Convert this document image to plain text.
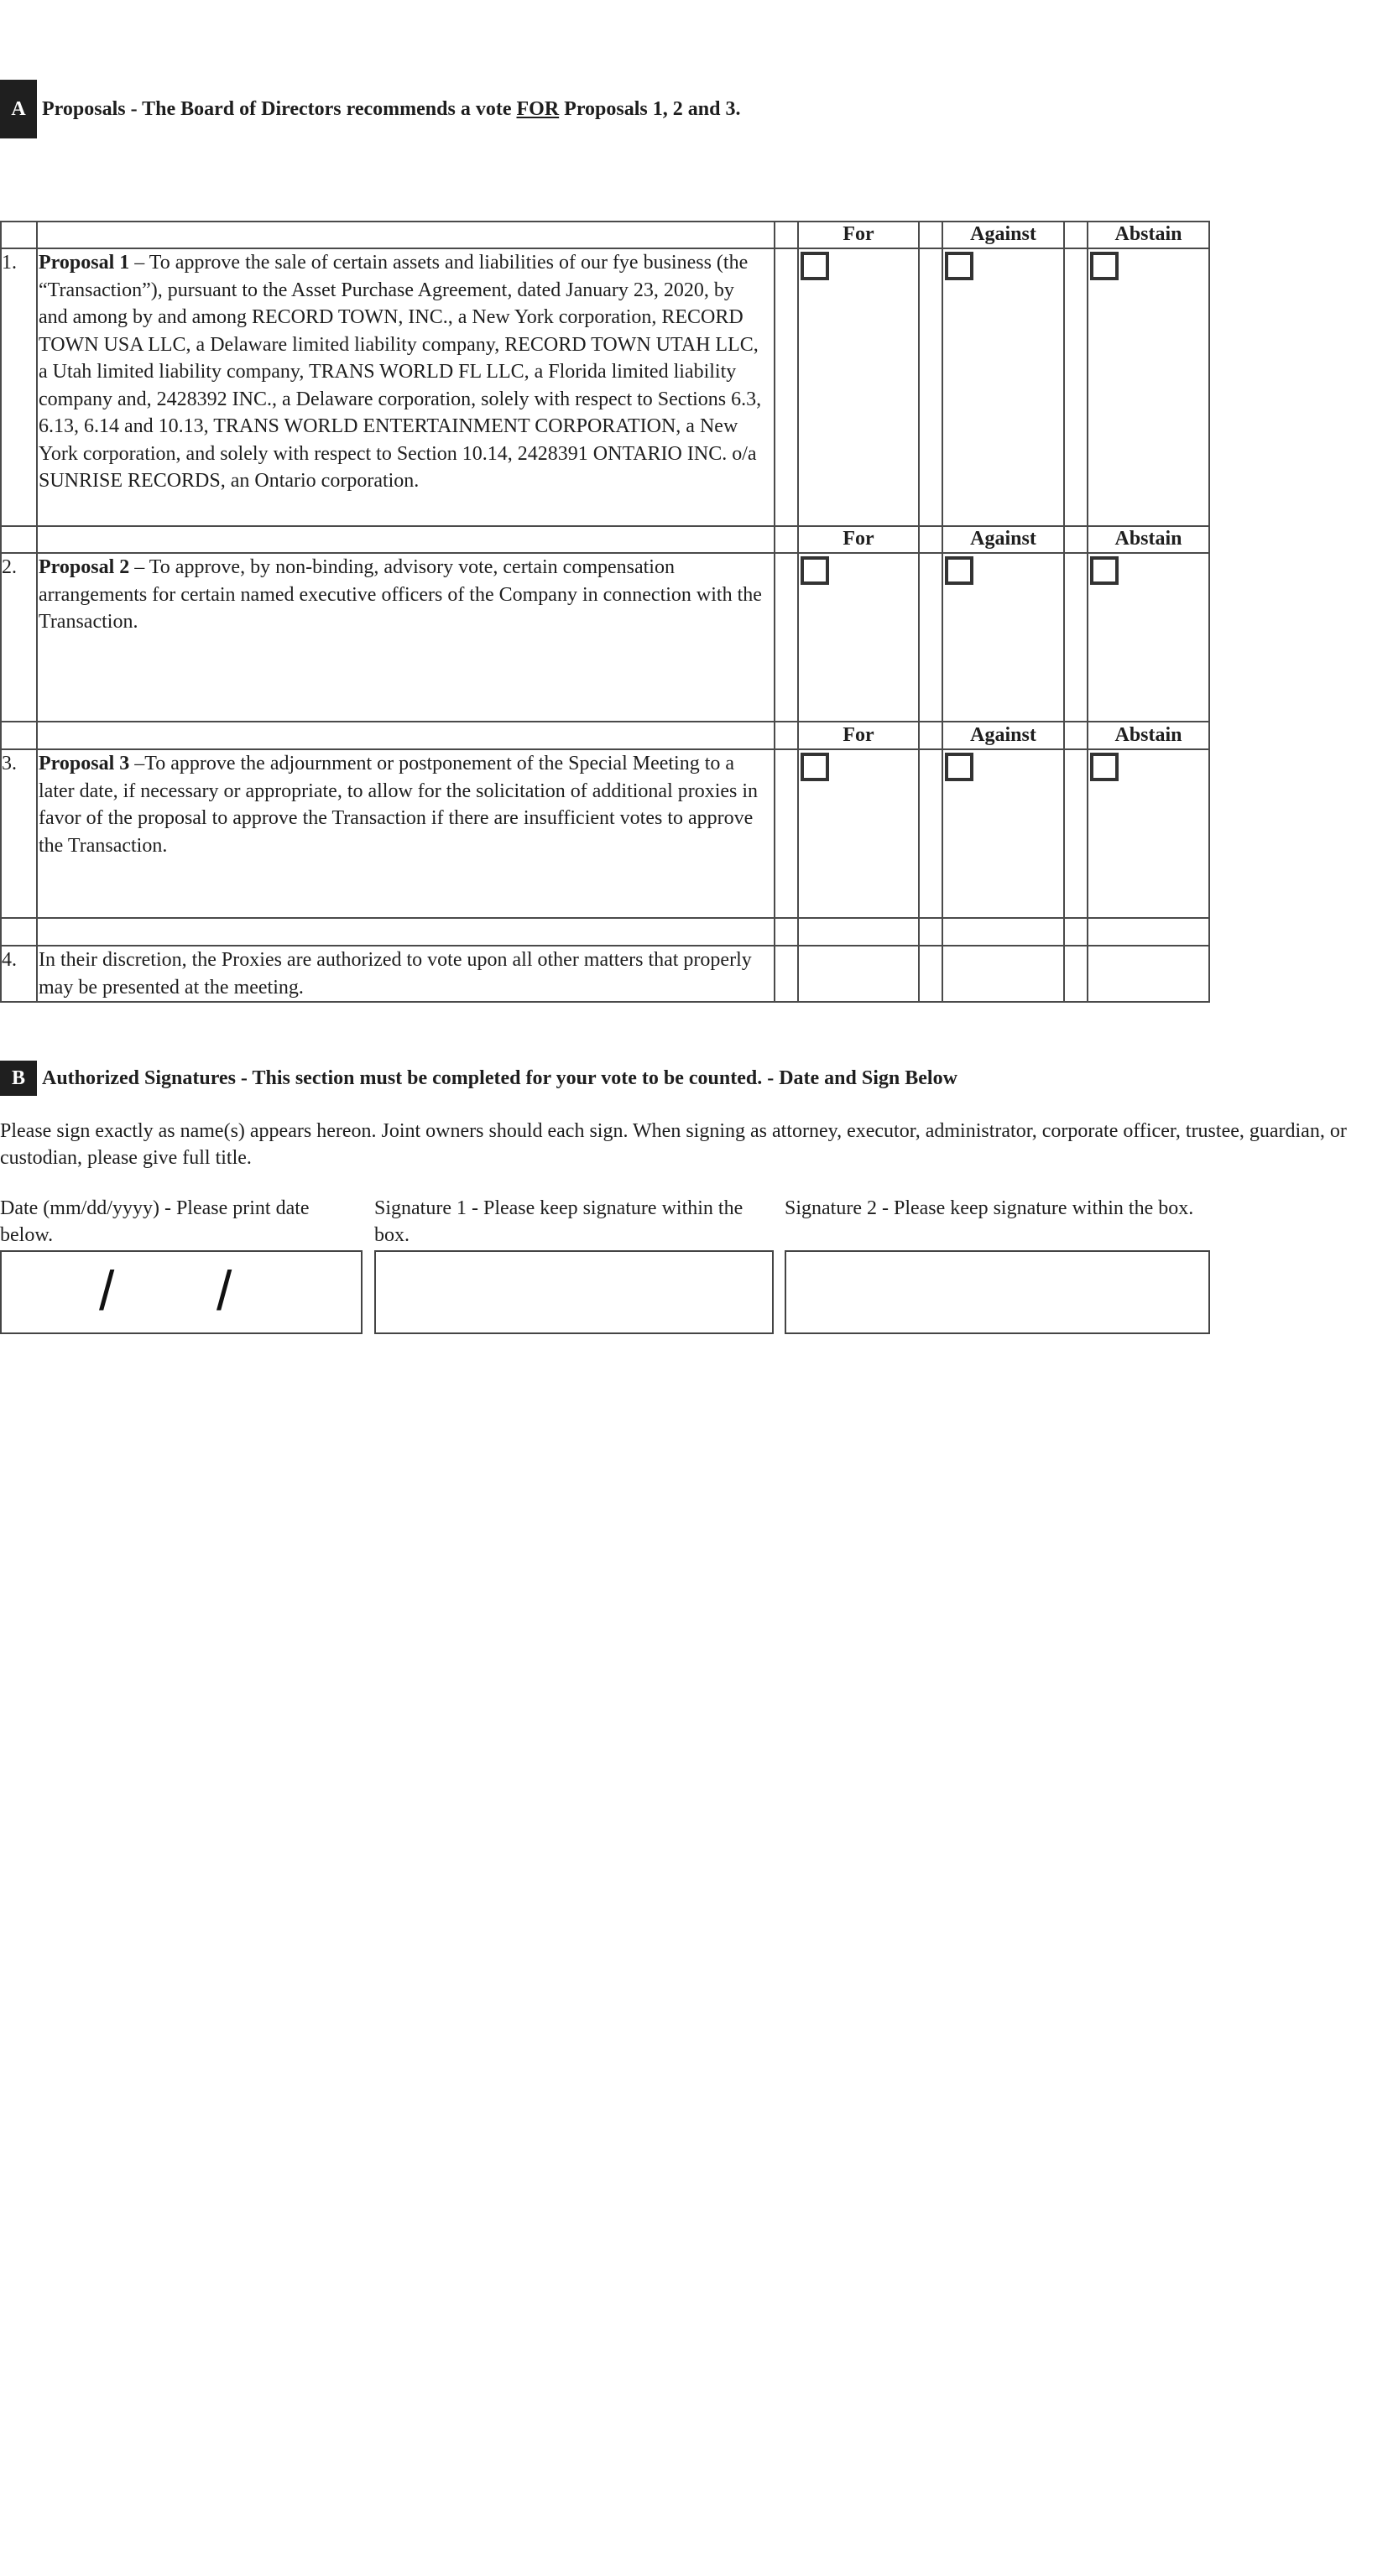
A Proposals - The Board of Directors recommends a vote FOR Proposals 1, 2 and 3.
For	Against	Abstain
1. Proposal 1 – To approve the sale of certain assets and liabilities of our fye business (the “Transaction”), pursuant to the Asset Purchase Agreement, dated January 23, 2020, by and among by and among RECORD TOWN, INC., a New York corporation, RECORD TOWN USA LLC, a Delaware limited liability company, RECORD TOWN UTAH LLC, a Utah limited liability company, TRANS WORLD FL LLC, a Florida limited liability company and, 2428392 INC., a Delaware corporation, solely with respect to Sections 6.3, 6.13, 6.14 and 10.13, TRANS WORLD ENTERTAINMENT CORPORATION, a New York corporation, and solely with respect to Section 10.14, 2428391 ONTARIO INC. o/a SUNRISE RECORDS, an Ontario corporation.
For	Against	Abstain
2. Proposal 2 – To approve, by non-binding, advisory vote, certain compensation arrangements for certain named executive officers of the Company in connection with the Transaction.
For	Against	Abstain
3. Proposal 3 –To approve the adjournment or postponement of the Special Meeting to a later date, if necessary or appropriate, to allow for the solicitation of additional proxies in favor of the proposal to approve the Transaction if there are insufficient votes to approve the Transaction.
4. In their discretion, the Proxies are authorized to vote upon all other matters that properly may be presented at the meeting.
B Authorized Signatures - This section must be completed for your vote to be counted. - Date and Sign Below
Please sign exactly as name(s) appears hereon. Joint owners should each sign. When signing as attorney, executor, administrator, corporate officer, trustee, guardian, or custodian, please give full title.
Date (mm/dd/yyyy) - Please print date below.
Signature 1 - Please keep signature within the box.
Signature 2 - Please keep signature within the box.
/ /
